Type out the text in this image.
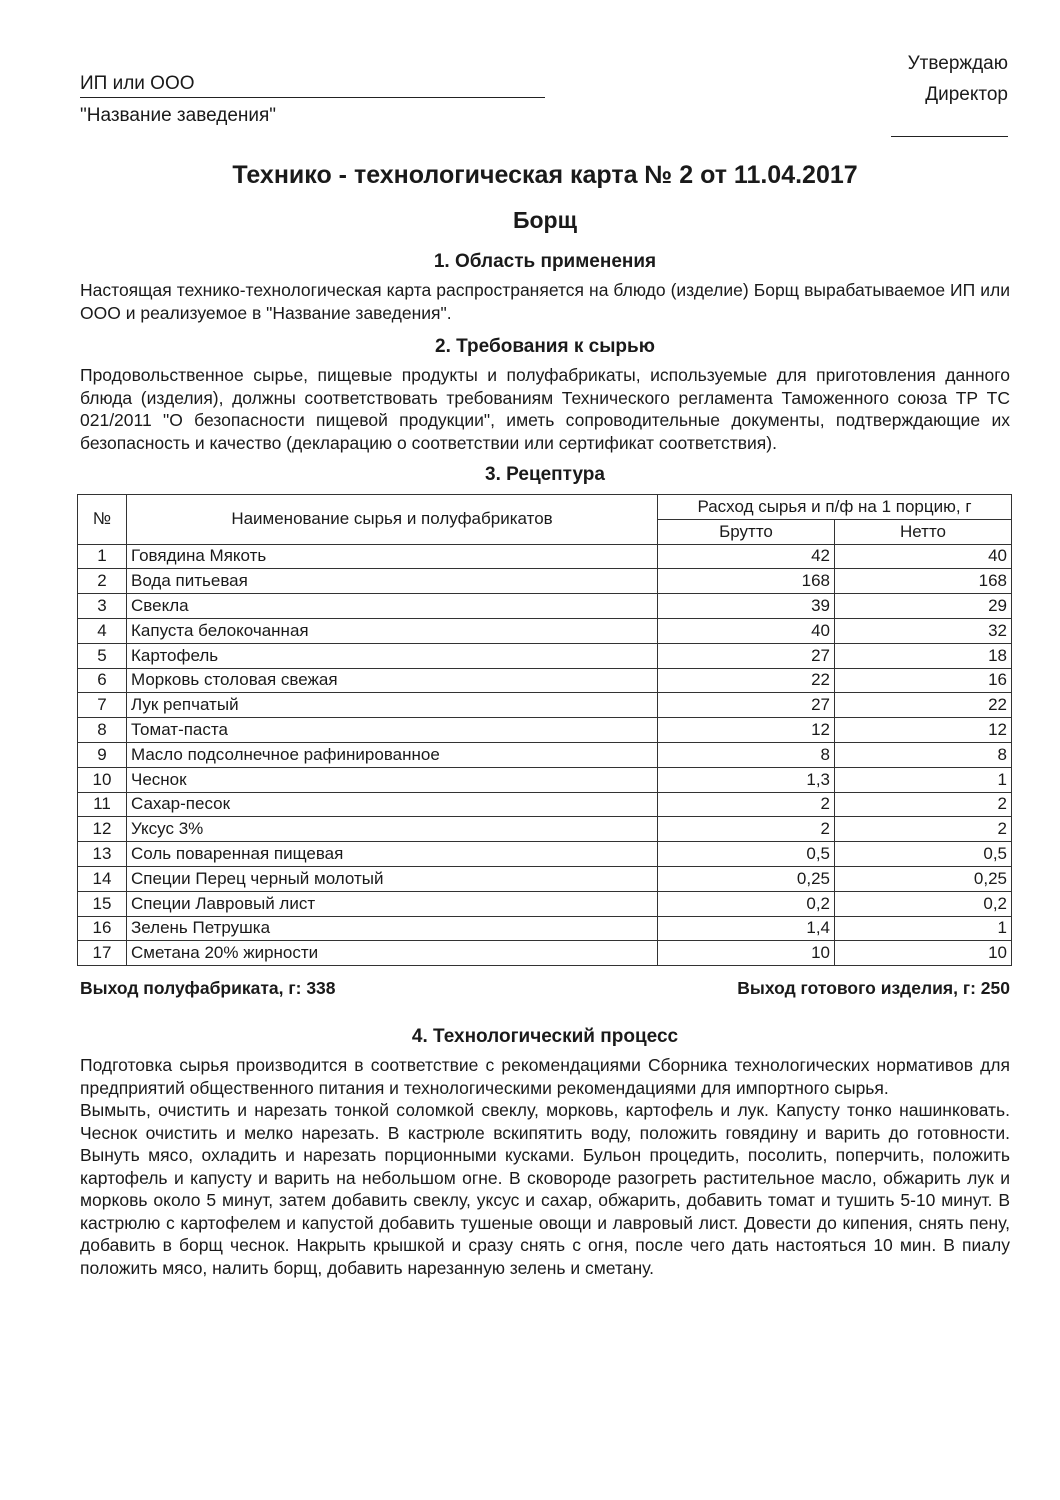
ИП или ООО
"Название заведения"
Утверждаю
Директор
Технико - технологическая карта № 2 от 11.04.2017
Борщ
1. Область применения

Настоящая технико-технологическая карта распространяется на блюдо (изделие) Борщ вырабатываемое ИП или ООО и реализуемое в "Название заведения".

2. Требования к сырью

Продовольственное сырье, пищевые продукты и полуфабрикаты, используемые для приготовления данного блюда (изделия), должны соответствовать требованиям Технического регламента Таможенного союза ТР ТС 021/2011 "О безопасности пищевой продукции", иметь сопроводительные документы, подтверждающие их безопасность и качество (декларацию о соответствии или сертификат соответствия).

3. Рецептура
№	Наименование сырья и полуфабрикатов	Расход сырья и п/ф на 1 порцию, г	
		Брутто	Нетто
1	Говядина Мякоть	42	40
2	Вода питьевая	168	168
3	Свекла	39	29
4	Капуста белокочанная	40	32
5	Картофель	27	18
6	Морковь столовая свежая	22	16
7	Лук репчатый	27	22
8	Томат-паста	12	12
9	Масло подсолнечное рафинированное	8	8
10	Чеснок	1,3	1
11	Сахар-песок	2	2
12	Уксус 3%	2	2
13	Соль поваренная пищевая	0,5	0,5
14	Специи Перец черный молотый	0,25	0,25
15	Специи Лавровый лист	0,2	0,2
16	Зелень Петрушка	1,4	1
17	Сметана 20% жирности	10	10
Выход полуфабриката, г: 338	Выход готового изделия, г: 250
4. Технологический процесс

Подготовка сырья производится в соответствие с рекомендациями Сборника технологических нормативов для предприятий общественного питания и технологическими рекомендациями для импортного сырья.

Вымыть, очистить и нарезать тонкой соломкой свеклу, морковь, картофель и лук. Капусту тонко нашинковать. Чеснок очистить и мелко нарезать. В кастрюле вскипятить воду, положить говядину и варить до готовности. Вынуть мясо, охладить и нарезать порционными кусками. Бульон процедить, посолить, поперчить, положить картофель и капусту и варить на небольшом огне. В сковороде разогреть растительное масло, обжарить лук и морковь около 5 минут, затем добавить свеклу, уксус и сахар, обжарить, добавить томат и тушить 5-10 минут. В кастрюлю с картофелем и капустой добавить тушеные овощи и лавровый лист. Довести до кипения, снять пену, добавить в борщ чеснок. Накрыть крышкой и сразу снять с огня, после чего дать настояться 10 мин. В пиалу положить мясо, налить борщ, добавить нарезанную зелень и сметану.
